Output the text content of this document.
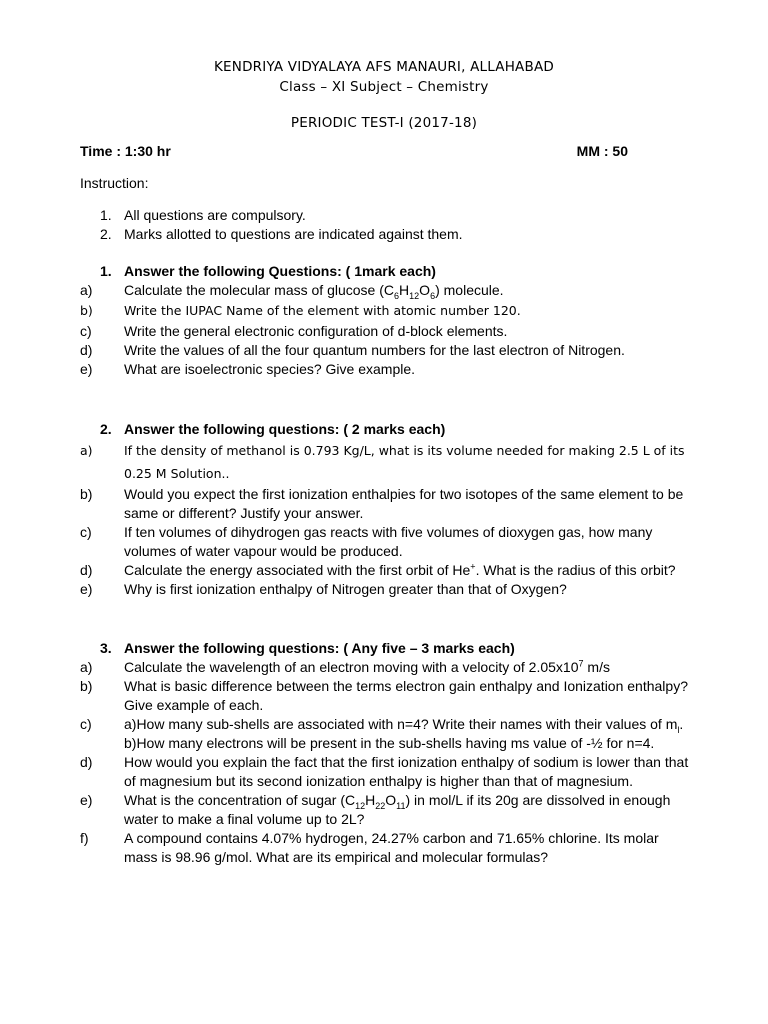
KENDRIYA VIDYALAYA AFS MANAURI, ALLAHABAD
Class – XI Subject – Chemistry
PERIODIC TEST-I (2017-18)
Time : 1:30 hr	MM : 50
Instruction:
1. All questions are compulsory.
2. Marks allotted to questions are indicated against them.
1. Answer the following Questions: ( 1mark each)
a)	Calculate the molecular mass of glucose $(C_6H_{12}O_6)$ molecule.
b)	Write the IUPAC Name of the element with atomic number 120.
c)	Write the general electronic configuration of d-block elements.
d)	Write the values of all the four quantum numbers for the last electron of Nitrogen.
e)	What are isoelectronic species? Give example.
2. Answer the following questions: ( 2 marks each)
a)	If the density of methanol is 0.793 Kg/L, what is its volume needed for making 2.5 L of its 0.25 M Solution..
b)	Would you expect the first ionization enthalpies for two isotopes of the same element to be same or different? Justify your answer.
c)	If ten volumes of dihydrogen gas reacts with five volumes of dioxygen gas, how many volumes of water vapour would be produced.
d)	Calculate the energy associated with the first orbit of He+. What is the radius of this orbit?
e)	Why is first ionization enthalpy of Nitrogen greater than that of Oxygen?
3. Answer the following questions: ( Any five – 3 marks each)
a)	Calculate the wavelength of an electron moving with a velocity of $2.05x10^7$ m/s
b)	What is basic difference between the terms electron gain enthalpy and Ionization enthalpy? Give example of each.
c)	a)How many sub-shells are associated with n=4? Write their names with their values of $m_l$.
b)How many electrons will be present in the sub-shells having ms value of -½ for n=4.
d)	How would you explain the fact that the first ionization enthalpy of sodium is lower than that of magnesium but its second ionization enthalpy is higher than that of magnesium.
e)	What is the concentration of sugar $(C_{12}H_{22}O_{11})$ in mol/L if its 20g are dissolved in enough water to make a final volume up to 2L?
f)	A compound contains 4.07% hydrogen, 24.27% carbon and 71.65% chlorine. Its molar mass is 98.96 g/mol. What are its empirical and molecular formulas?
